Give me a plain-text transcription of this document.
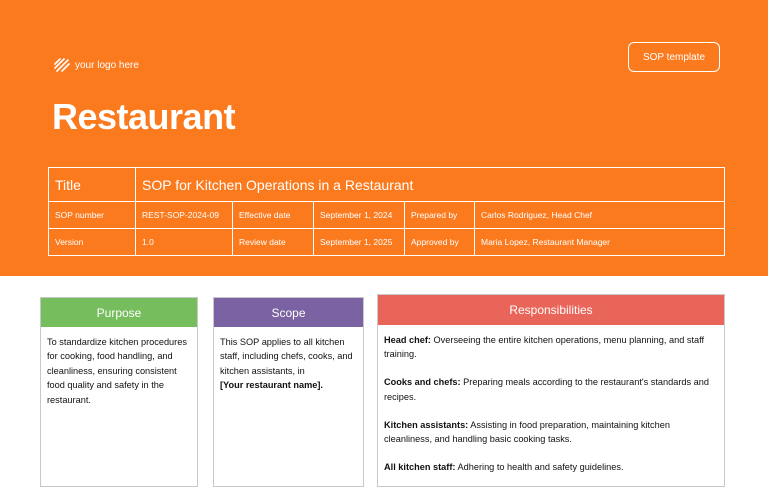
your logo here
SOP template
Restaurant
Title	SOP for Kitchen Operations in a Restaurant				
SOP number	REST-SOP-2024-09	Effective date	September 1, 2024	Prepared by	Carlos Rodriguez, Head Chef
Version	1.0	Review date	September 1, 2025	Approved by	Maria Lopez, Restaurant Manager
Purpose
To standardize kitchen procedures for cooking, food handling, and cleanliness, ensuring consistent food quality and safety in the restaurant.
Scope
This SOP applies to all kitchen staff, including chefs, cooks, and kitchen assistants, in
[Your restaurant name].
Responsibilities

Head chef: Overseeing the entire kitchen operations, menu planning, and staff training.

Cooks and chefs: Preparing meals according to the restaurant's standards and recipes.

Kitchen assistants: Assisting in food preparation, maintaining kitchen cleanliness, and handling basic cooking tasks.

All kitchen staff: Adhering to health and safety guidelines.
